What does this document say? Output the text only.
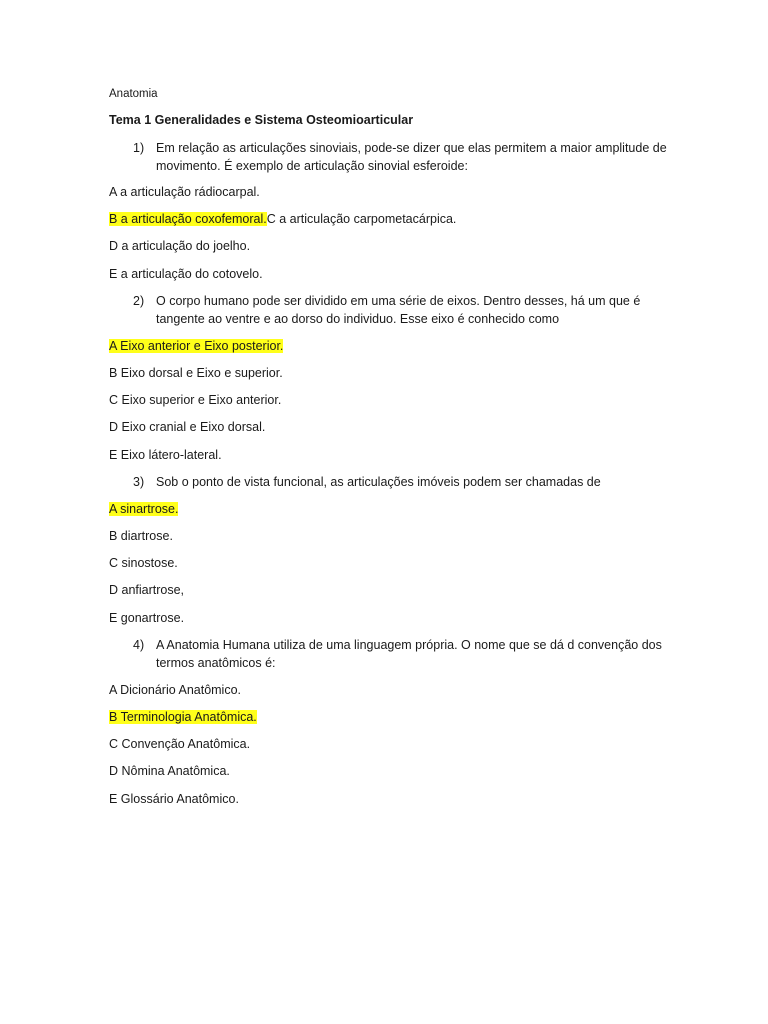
Anatomia
Tema 1 Generalidades e Sistema Osteomioarticular
1) Em relação as articulações sinoviais, pode-se dizer que elas permitem a maior amplitude de movimento. É exemplo de articulação sinovial esferoide:
A a articulação rádiocarpal.
B a articulação coxofemoral.C a articulação carpometacárpica.
D a articulação do joelho.
E a articulação do cotovelo.
2) O corpo humano pode ser dividido em uma série de eixos. Dentro desses, há um que é tangente ao ventre e ao dorso do individuo. Esse eixo é conhecido como
A Eixo anterior e Eixo posterior.
B Eixo dorsal e Eixo e superior.
C Eixo superior e Eixo anterior.
D Eixo cranial e Eixo dorsal.
E Eixo látero-lateral.
3) Sob o ponto de vista funcional, as articulações imóveis podem ser chamadas de
A sinartrose.
B diartrose.
C sinostose.
D anfiartrose,
E gonartrose.
4) A Anatomia Humana utiliza de uma linguagem própria. O nome que se dá d convenção dos termos anatômicos é:
A Dicionário Anatômico.
B Terminologia Anatômica.
C Convenção Anatômica.
D Nômina Anatômica.
E Glossário Anatômico.
